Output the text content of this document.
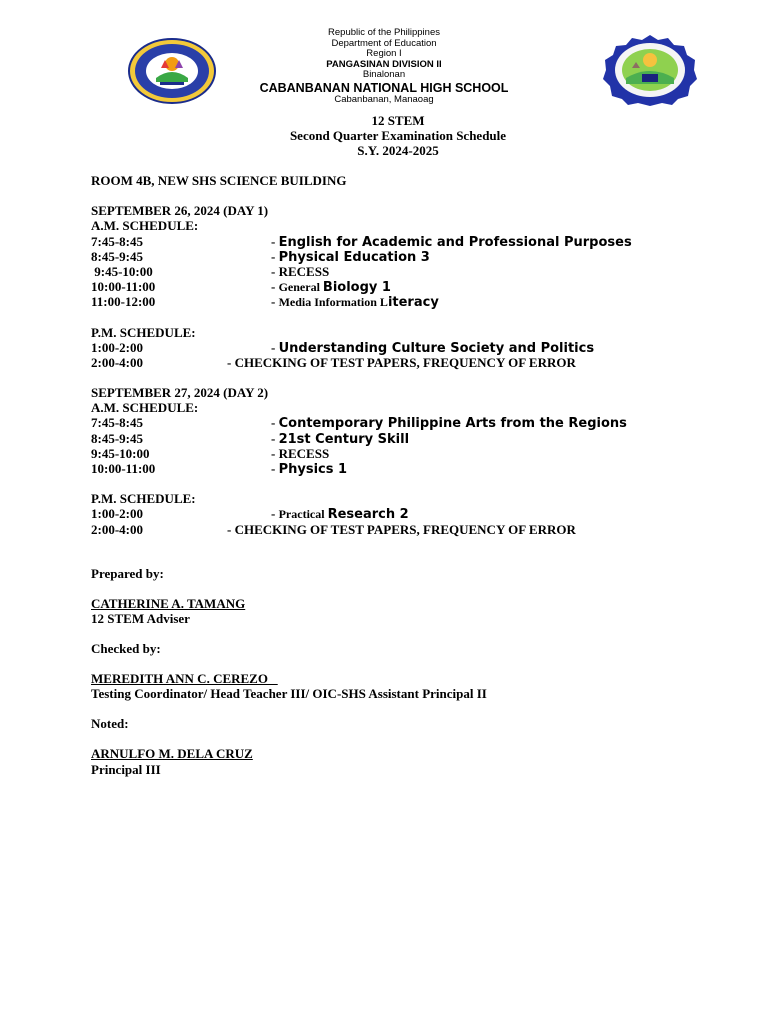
Republic of the Philippines
Department of Education
Region I
PANGASINAN DIVISION II
Binalonan
CABANBANAN NATIONAL HIGH SCHOOL
Cabanbanan, Manaoag
12 STEM
Second Quarter Examination Schedule
S.Y. 2024-2025
ROOM 4B, NEW SHS SCIENCE BUILDING
SEPTEMBER 26, 2024 (DAY 1)
A.M. SCHEDULE:
7:45-8:45	- English for Academic and Professional Purposes
8:45-9:45	- Physical Education 3
9:45-10:00	- RECESS
10:00-11:00	- General Biology 1
11:00-12:00	- Media Information Literacy
P.M. SCHEDULE:
1:00-2:00	- Understanding Culture Society and Politics
2:00-4:00	- CHECKING OF TEST PAPERS, FREQUENCY OF ERROR
SEPTEMBER 27, 2024 (DAY 2)
A.M. SCHEDULE:
7:45-8:45	- Contemporary Philippine Arts from the Regions
8:45-9:45	- 21st Century Skill
9:45-10:00	- RECESS
10:00-11:00	- Physics 1
P.M. SCHEDULE:
1:00-2:00	- Practical Research 2
2:00-4:00	- CHECKING OF TEST PAPERS, FREQUENCY OF ERROR
Prepared by:
CATHERINE A. TAMANG
12 STEM Adviser
Checked by:
MEREDITH ANN C. CEREZO
Testing Coordinator/ Head Teacher III/ OIC-SHS Assistant Principal II
Noted:
ARNULFO M. DELA CRUZ
Principal III
